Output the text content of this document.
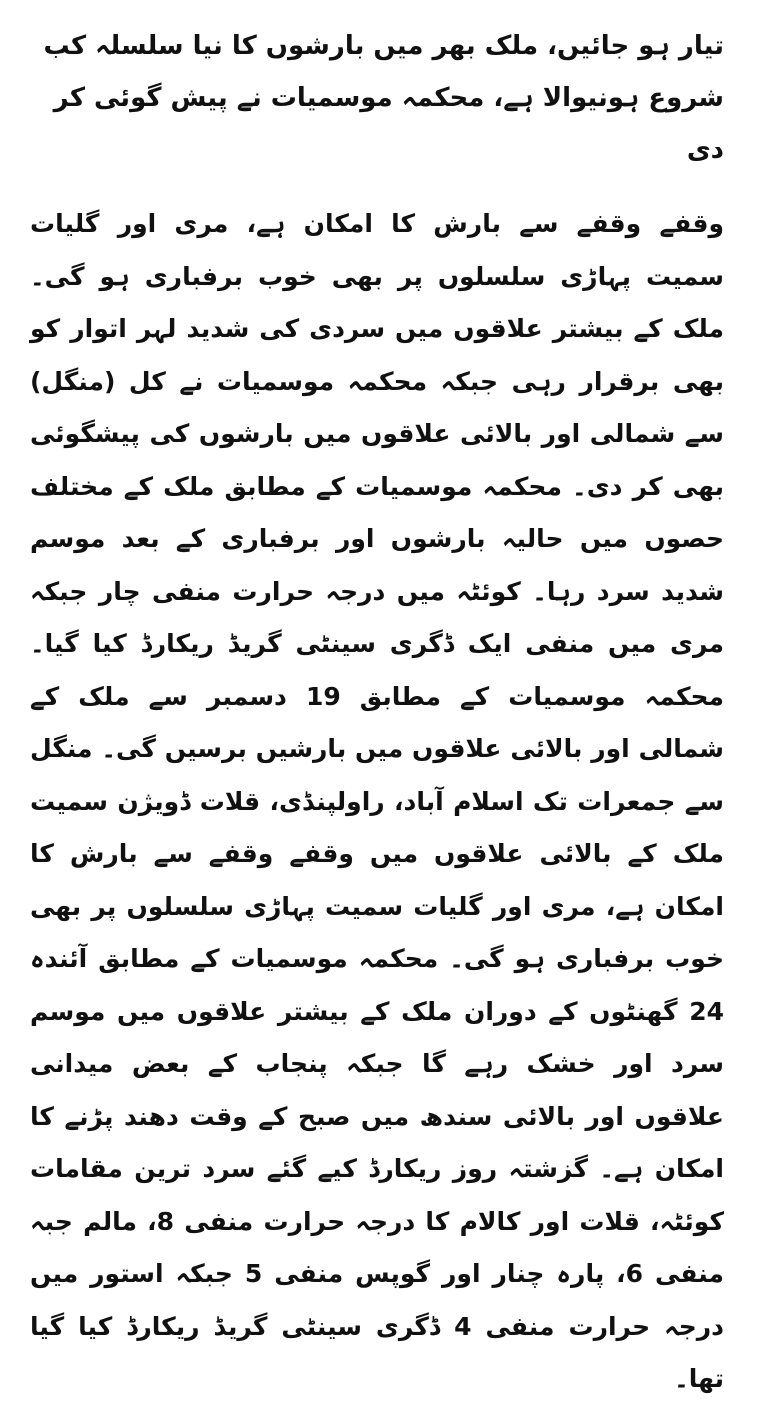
تیار ہو جائیں، ملک بھر میں بارشوں کا نیا سلسلہ کب شروع ہونیوالا ہے، محکمہ موسمیات نے پیش گوئی کر دی

وقفے وقفے سے بارش کا امکان ہے، مری اور گلیات سمیت پہاڑی سلسلوں پر بھی خوب برفباری ہو گی۔ ملک کے بیشتر علاقوں میں سردی کی شدید لہر اتوار کو بھی برقرار رہی جبکہ محکمہ موسمیات نے کل (منگل) سے شمالی اور بالائی علاقوں میں بارشوں کی پیشگوئی بھی کر دی۔ محکمہ موسمیات کے مطابق ملک کے مختلف حصوں میں حالیہ بارشوں اور برفباری کے بعد موسم شدید سرد رہا۔ کوئٹہ میں درجہ حرارت منفی چار جبکہ مری میں منفی ایک ڈگری سینٹی گریڈ ریکارڈ کیا گیا۔ محکمہ موسمیات کے مطابق 19 دسمبر سے ملک کے شمالی اور بالائی علاقوں میں بارشیں برسیں گی۔ منگل سے جمعرات تک اسلام آباد، راولپنڈی، قلات ڈویژن سمیت ملک کے بالائی علاقوں میں وقفے وقفے سے بارش کا امکان ہے، مری اور گلیات سمیت پہاڑی سلسلوں پر بھی خوب برفباری ہو گی۔ محکمہ موسمیات کے مطابق آئندہ 24 گھنٹوں کے دوران ملک کے بیشتر علاقوں میں موسم سرد اور خشک رہے گا جبکہ پنجاب کے بعض میدانی علاقوں اور بالائی سندھ میں صبح کے وقت دھند پڑنے کا امکان ہے۔ گزشتہ روز ریکارڈ کیے گئے سرد ترین مقامات کوئٹہ، قلات اور کالام کا درجہ حرارت منفی 8، مالم جبہ منفی 6، پارہ چنار اور گوپس منفی 5 جبکہ استور میں درجہ حرارت منفی 4 ڈگری سینٹی گریڈ ریکارڈ کیا گیا تھا۔
